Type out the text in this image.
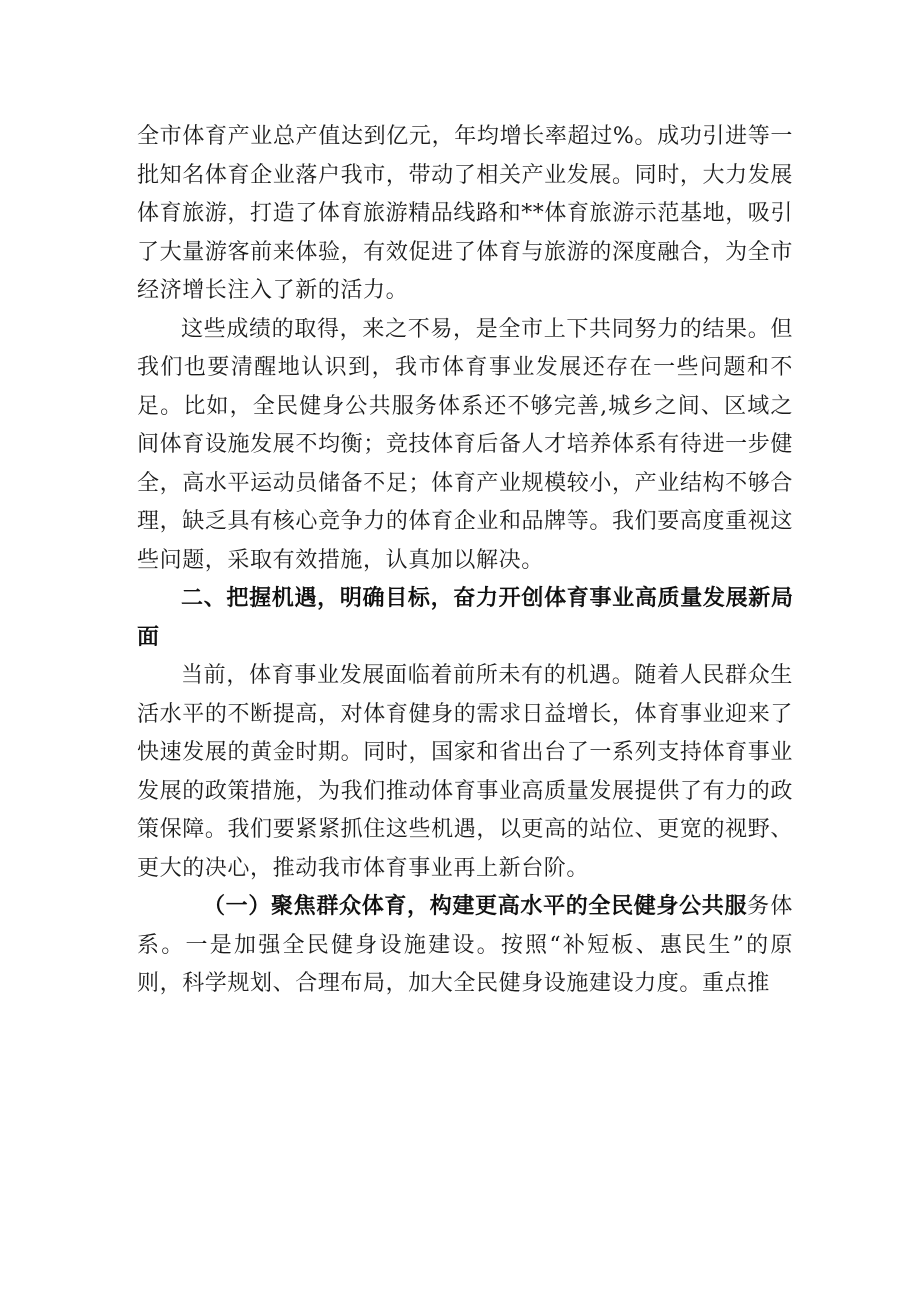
全市体育产业总产值达到亿元，年均增长率超过%。成功引进等一批知名体育企业落户我市，带动了相关产业发展。同时，大力发展体育旅游，打造了体育旅游精品线路和**体育旅游示范基地，吸引了大量游客前来体验，有效促进了体育与旅游的深度融合，为全市经济增长注入了新的活力。

这些成绩的取得，来之不易，是全市上下共同努力的结果。但我们也要清醒地认识到，我市体育事业发展还存在一些问题和不足。比如，全民健身公共服务体系还不够完善,城乡之间、区域之间体育设施发展不均衡；竞技体育后备人才培养体系有待进一步健全，高水平运动员储备不足；体育产业规模较小，产业结构不够合理，缺乏具有核心竞争力的体育企业和品牌等。我们要高度重视这些问题，采取有效措施，认真加以解决。

二、把握机遇，明确目标，奋力开创体育事业高质量发展新局面

当前，体育事业发展面临着前所未有的机遇。随着人民群众生活水平的不断提高，对体育健身的需求日益增长，体育事业迎来了快速发展的黄金时期。同时，国家和省出台了一系列支持体育事业发展的政策措施，为我们推动体育事业高质量发展提供了有力的政策保障。我们要紧紧抓住这些机遇，以更高的站位、更宽的视野、更大的决心，推动我市体育事业再上新台阶。

（一）聚焦群众体育，构建更高水平的全民健身公共服务体系。一是加强全民健身设施建设。按照“补短板、惠民生”的原则，科学规划、合理布局，加大全民健身设施建设力度。重点推
